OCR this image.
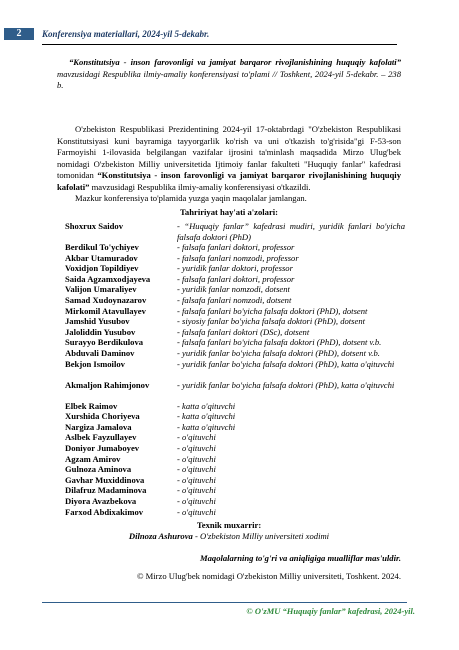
2	Konferensiya materiallari, 2024-yil 5-dekabr.
“Konstitutsiya - inson farovonligi va jamiyat barqaror rivojlanishining huquqiy kafolati” mavzusidagi Respublika ilmiy-amaliy konferensiyasi to'plami // Toshkent, 2024-yil 5-dekabr. – 238 b.
O'zbekiston Respublikasi Prezidentining 2024-yil 17-oktabrdagi "O'zbekiston Respublikasi Konstitutsiyasi kuni bayramiga tayyorgarlik ko'rish va uni o'tkazish to'g'risida"gi F-53-son Farmoyishi 1-ilovasida belgilangan vazifalar ijrosini ta'minlash maqsadida Mirzo Ulug'bek nomidagi O'zbekiston Milliy universitetida Ijtimoiy fanlar fakulteti "Huquqiy fanlar" kafedrasi tomonidan “Konstitutsiya - inson farovonligi va jamiyat barqaror rivojlanishining huquqiy kafolati” mavzusidagi Respublika ilmiy-amaliy konferensiyasi o'tkazildi.
Mazkur konferensiya to'plamida yuzga yaqin maqolalar jamlangan.
Tahririyat hay'ati a'zolari:
Shoxrux Saidov	- “Huquqiy fanlar” kafedrasi mudiri, yuridik fanlari bo'yicha falsafa doktori (PhD)
Berdikul To'ychiyev	- falsafa fanlari doktori, professor
Akbar Utamuradov	- falsafa fanlari nomzodi, professor
Voxidjon Topildiyev	- yuridik fanlar doktori, professor
Saida Agzamxodjayeva	- falsafa fanlari doktori, professor
Valijon Umaraliyev	- yuridik fanlar nomzodi, dotsent
Samad Xudoynazarov	- falsafa fanlari nomzodi, dotsent
Mirkomil Atavullayev	- falsafa fanlari bo'yicha falsafa doktori (PhD), dotsent
Jamshid Yusubov	- siyosiy fanlar bo'yicha falsafa doktori (PhD), dotsent
Jaloliddin Yusubov	- falsafa fanlari doktori (DSc), dotsent
Surayyo Berdikulova	- falsafa fanlari bo'yicha falsafa doktori (PhD), dotsent v.b.
Abduvali Daminov	- yuridik fanlar bo'yicha falsafa doktori (PhD), dotsent v.b.
Bekjon Ismoilov	- yuridik fanlar bo'yicha falsafa doktori (PhD), katta o'qituvchi
Akmaljon Rahimjonov	- yuridik fanlar bo'yicha falsafa doktori (PhD), katta o'qituvchi
Elbek Raimov	- katta o'qituvchi
Xurshida Choriyeva	- katta o'qituvchi
Nargiza Jamalova	- katta o'qituvchi
Aslbek Fayzullayev	- o'qituvchi
Doniyor Jumaboyev	- o'qituvchi
Agzam Amirov	- o'qituvchi
Gulnoza Aminova	- o'qituvchi
Gavhar Muxiddinova	- o'qituvchi
Dilafruz Madaminova	- o'qituvchi
Diyora Avazbekova	- o'qituvchi
Farxod Abdixakimov	- o'qituvchi
Texnik muxarrir:
Dilnoza Ashurova - O'zbekiston Milliy universiteti xodimi
Maqolalarning to'g'ri va aniqligiga mualliflar mas'uldir.
© Mirzo Ulug'bek nomidagi O'zbekiston Milliy universiteti, Toshkent. 2024.
© O'zMU “Huquqiy fanlar” kafedrasi, 2024-yil.
